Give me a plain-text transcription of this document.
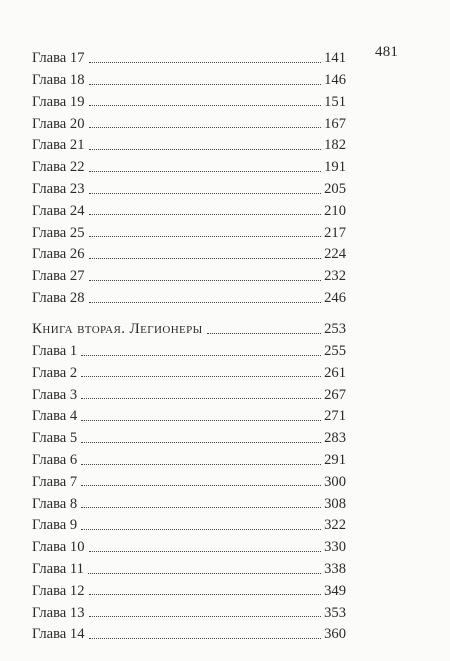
481
Глава 17	141
Глава 18	146
Глава 19	151
Глава 20	167
Глава 21	182
Глава 22	191
Глава 23	205
Глава 24	210
Глава 25	217
Глава 26	224
Глава 27	232
Глава 28	246
Книга вторая. Легионеры	253
Глава 1	255
Глава 2	261
Глава 3	267
Глава 4	271
Глава 5	283
Глава 6	291
Глава 7	300
Глава 8	308
Глава 9	322
Глава 10	330
Глава 11	338
Глава 12	349
Глава 13	353
Глава 14	360
